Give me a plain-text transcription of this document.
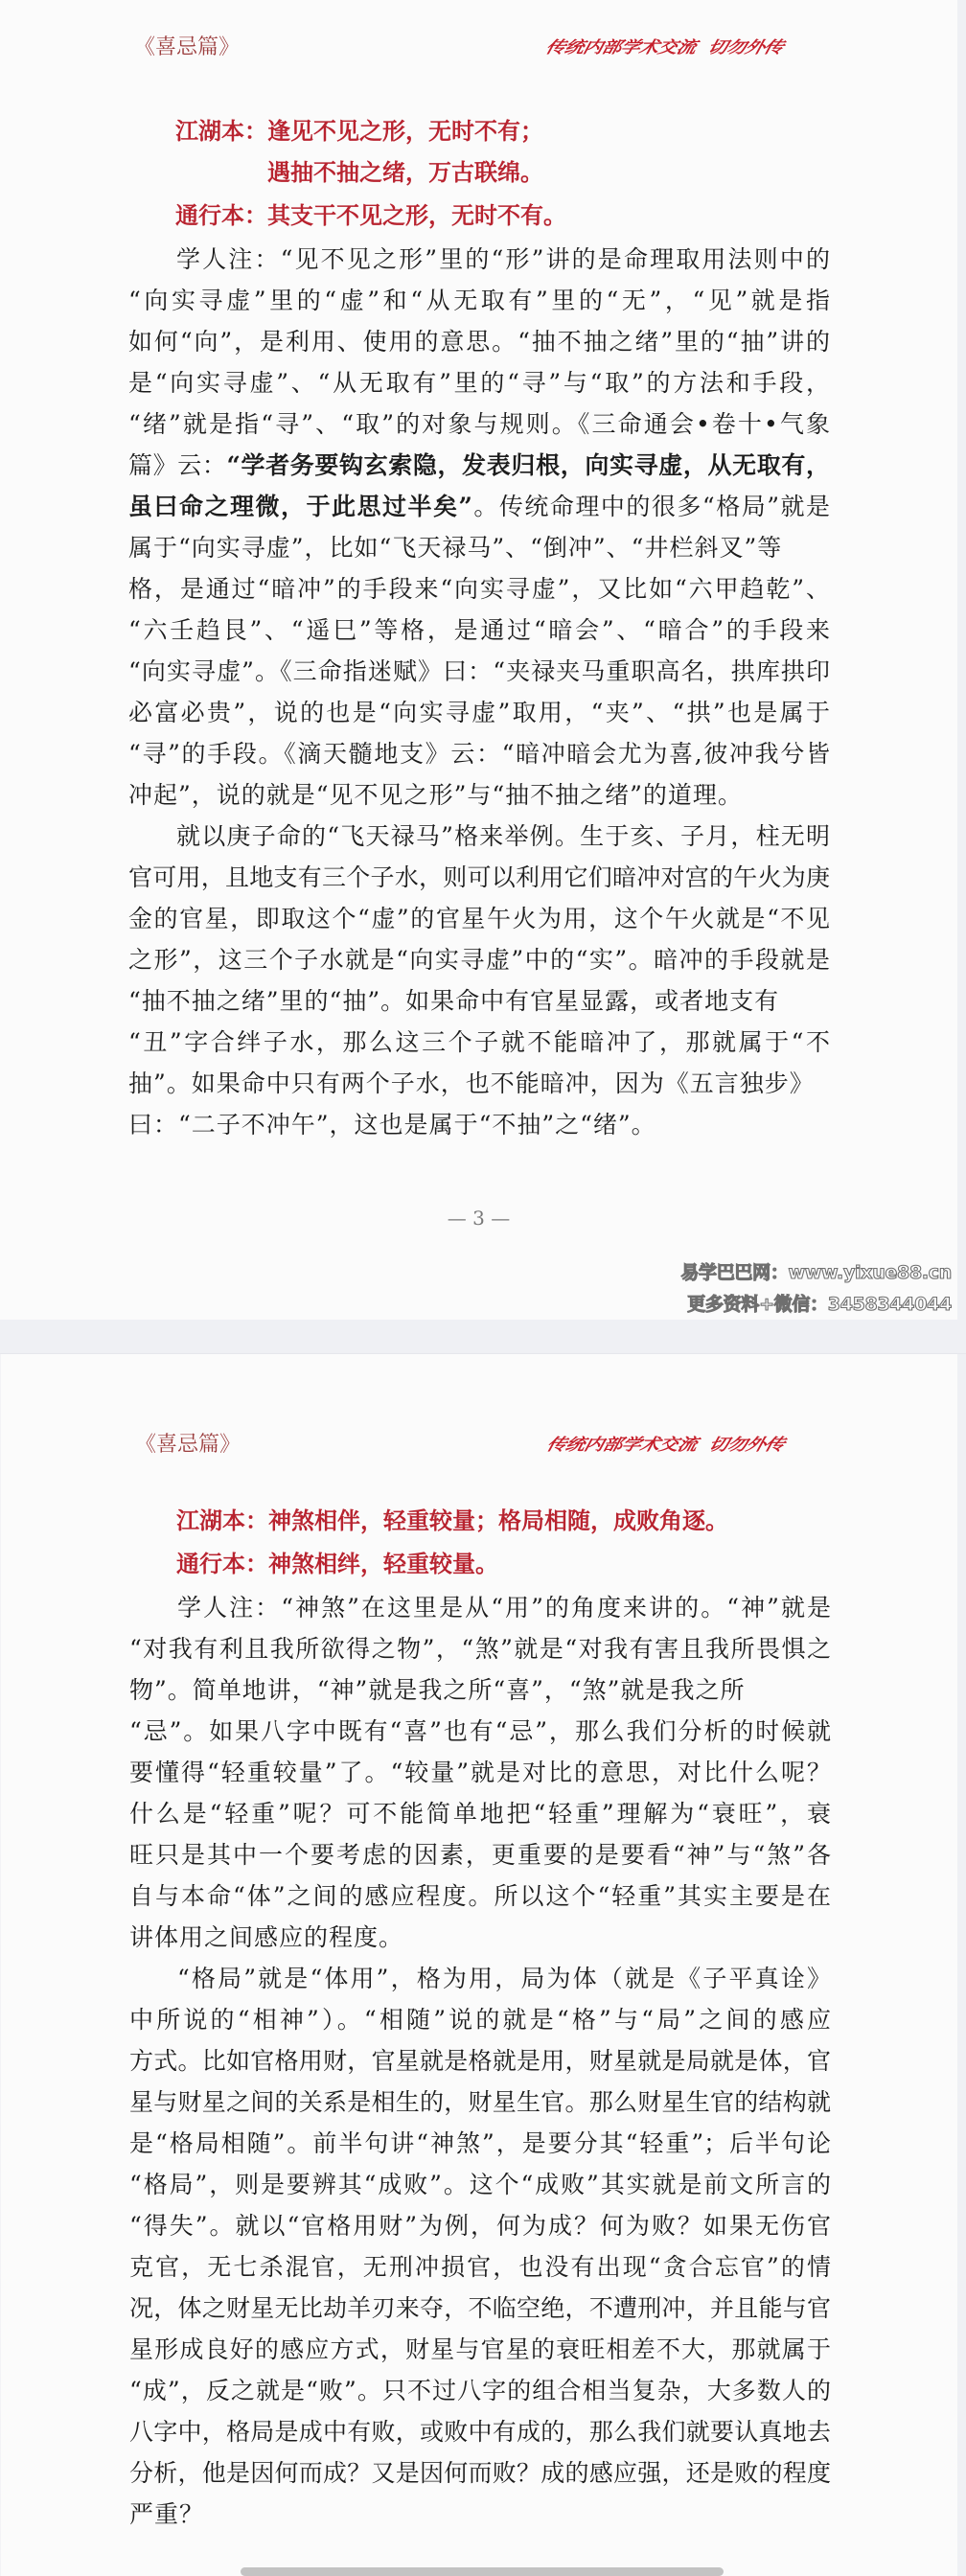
《喜忌篇》	传统内部学术交流  切勿外传
江湖本：逢见不见之形，无时不有；
遇抽不抽之绪，万古联绵。
通行本：其支干不见之形，无时不有。
学人注：“见不见之形”里的“形”讲的是命理取用法则中的
“向实寻虚”里的“虚”和“从无取有”里的“无”，“见”就是指
如何“向”，是利用、使用的意思。“抽不抽之绪”里的“抽”讲的
是“向实寻虚”、“从无取有”里的“寻”与“取”的方法和手段，
“绪”就是指“寻”、“取”的对象与规则。《三命通会•卷十•气象
篇》云：“学者务要钩玄索隐，发表归根，向实寻虚，从无取有，
虽曰命之理微，于此思过半矣”。传统命理中的很多“格局”就是
属于“向实寻虚”，比如“飞天禄马”、“倒冲”、“井栏斜叉”等
格，是通过“暗冲”的手段来“向实寻虚”，又比如“六甲趋乾”、
“六壬趋艮”、“遥巳”等格，是通过“暗会”、“暗合”的手段来
“向实寻虚”。《三命指迷赋》曰：“夹禄夹马重职高名，拱库拱印
必富必贵”，说的也是“向实寻虚”取用，“夹”、“拱”也是属于
“寻”的手段。《滴天髓地支》云：“暗冲暗会尤为喜,彼冲我兮皆
冲起”，说的就是“见不见之形”与“抽不抽之绪”的道理。
就以庚子命的“飞天禄马”格来举例。生于亥、子月，柱无明
官可用，且地支有三个子水，则可以利用它们暗冲对宫的午火为庚
金的官星，即取这个“虚”的官星午火为用，这个午火就是“不见
之形”，这三个子水就是“向实寻虚”中的“实”。暗冲的手段就是
“抽不抽之绪”里的“抽”。如果命中有官星显露，或者地支有
“丑”字合绊子水，那么这三个子就不能暗冲了，那就属于“不
抽”。如果命中只有两个子水，也不能暗冲，因为《五言独步》
曰：“二子不冲午”，这也是属于“不抽”之“绪”。
— 3 —
易学巴巴网：www.yixue88.cn
更多资料+微信：3458344044
《喜忌篇》	传统内部学术交流  切勿外传
江湖本：神煞相伴，轻重较量；格局相随，成败角逐。
通行本：神煞相绊，轻重较量。
学人注：“神煞”在这里是从“用”的角度来讲的。“神”就是
“对我有利且我所欲得之物”，“煞”就是“对我有害且我所畏惧之
物”。简单地讲，“神”就是我之所“喜”，“煞”就是我之所
“忌”。如果八字中既有“喜”也有“忌”，那么我们分析的时候就
要懂得“轻重较量”了。“较量”就是对比的意思，对比什么呢？
什么是“轻重”呢？可不能简单地把“轻重”理解为“衰旺”，衰
旺只是其中一个要考虑的因素，更重要的是要看“神”与“煞”各
自与本命“体”之间的感应程度。所以这个“轻重”其实主要是在
讲体用之间感应的程度。
“格局”就是“体用”，格为用，局为体（就是《子平真诠》
中所说的“相神”）。“相随”说的就是“格”与“局”之间的感应
方式。比如官格用财，官星就是格就是用，财星就是局就是体，官
星与财星之间的关系是相生的，财星生官。那么财星生官的结构就
是“格局相随”。前半句讲“神煞”，是要分其“轻重”；后半句论
“格局”，则是要辨其“成败”。这个“成败”其实就是前文所言的
“得失”。就以“官格用财”为例，何为成？何为败？如果无伤官
克官，无七杀混官，无刑冲损官，也没有出现“贪合忘官”的情
况，体之财星无比劫羊刃来夺，不临空绝，不遭刑冲，并且能与官
星形成良好的感应方式，财星与官星的衰旺相差不大，那就属于
“成”，反之就是“败”。只不过八字的组合相当复杂，大多数人的
八字中，格局是成中有败，或败中有成的，那么我们就要认真地去
分析，他是因何而成？又是因何而败？成的感应强，还是败的程度
严重？
